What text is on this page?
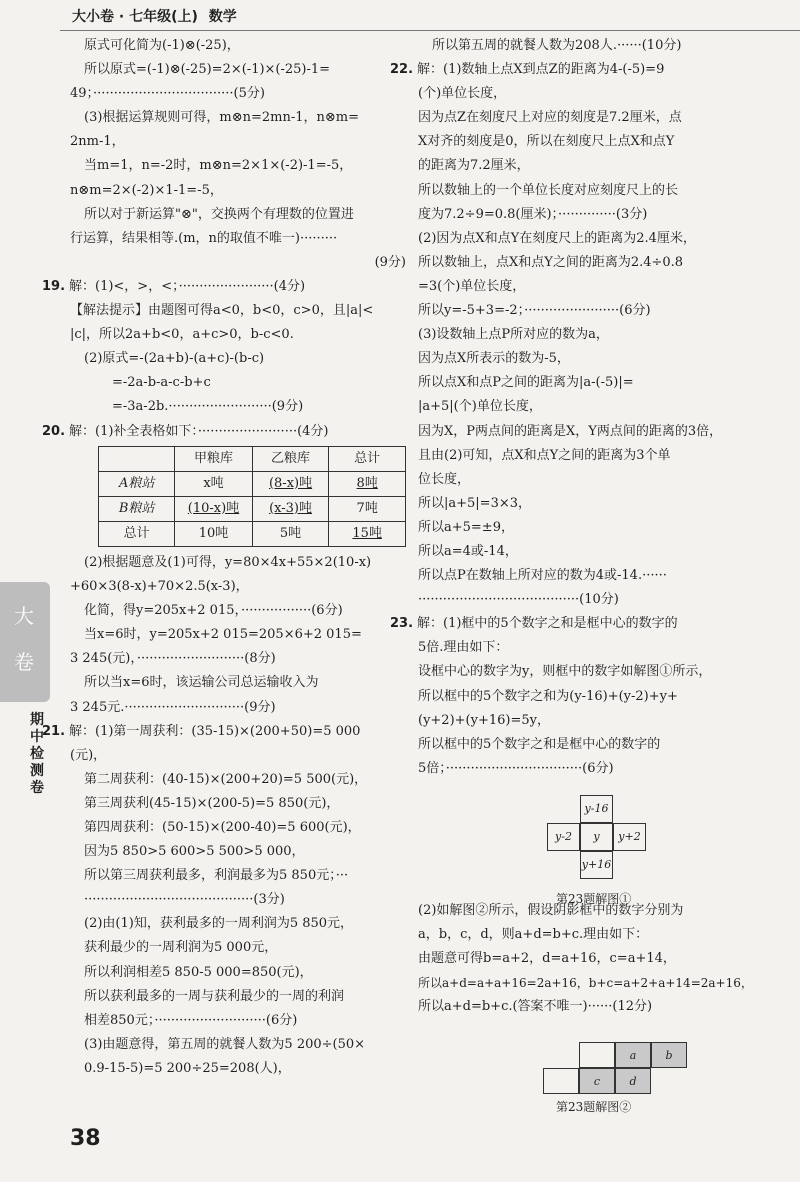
大小卷 · 七年级(上) 数学
原式可化简为(-1)⊗(-25)，
所以原式=(-1)⊗(-25)=2×(-1)×(-25)-1=
49；··································(5分)
(3)根据运算规则可得，m⊗n=2mn-1，n⊗m=
2nm-1，
当m=1，n=-2时，m⊗n=2×1×(-2)-1=-5，
n⊗m=2×(-2)×1-1=-5，
所以对于新运算"⊗"，交换两个有理数的位置进
行运算，结果相等.(m，n的取值不唯一)·········
(9分)
19. 解：(1)<，>，<；·······················(4分)
【解法提示】由题图可得a<0，b<0，c>0，且|a|<
|c|，所以2a+b<0，a+c>0，b-c<0.
(2)原式=-(2a+b)-(a+c)-(b-c)
=-2a-b-a-c-b+c
=-3a-2b.·························(9分)
20. 解：(1)补全表格如下：························(4分)
	甲粮库	乙粮库	总计
A粮站	x吨	(8-x)吨	8吨
B粮站	(10-x)吨	(x-3)吨	7吨
总计	10吨	5吨	15吨
(2)根据题意及(1)可得，y=80×4x+55×2(10-x)
+60×3(8-x)+70×2.5(x-3)，
化简，得y=205x+2 015，·················(6分)
当x=6时，y=205x+2 015=205×6+2 015=
3 245(元)，··························(8分)
所以当x=6时，该运输公司总运输收入为
3 245元.·····························(9分)
21. 解：(1)第一周获利：(35-15)×(200+50)=5 000
(元)，
第二周获利：(40-15)×(200+20)=5 500(元)，
第三周获利(45-15)×(200-5)=5 850(元)，
第四周获利：(50-15)×(200-40)=5 600(元)，
因为5 850>5 600>5 500>5 000，
所以第三周获利最多，利润最多为5 850元；···
·········································(3分)
(2)由(1)知，获利最多的一周利润为5 850元，
获利最少的一周利润为5 000元，
所以利润相差5 850-5 000=850(元)，
所以获利最多的一周与获利最少的一周的利润
相差850元；···························(6分)
(3)由题意得，第五周的就餐人数为5 200÷(50×
0.9-15-5)=5 200÷25=208(人)，
所以第五周的就餐人数为208人.······(10分)
22. 解：(1)数轴上点X到点Z的距离为4-(-5)=9
(个)单位长度，
因为点Z在刻度尺上对应的刻度是7.2厘米，点
X对齐的刻度是0，所以在刻度尺上点X和点Y
的距离为7.2厘米，
所以数轴上的一个单位长度对应刻度尺上的长
度为7.2÷9=0.8(厘米)；··············(3分)
(2)因为点X和点Y在刻度尺上的距离为2.4厘米，
所以数轴上，点X和点Y之间的距离为2.4÷0.8
=3(个)单位长度，
所以y=-5+3=-2；·······················(6分)
(3)设数轴上点P所对应的数为a，
因为点X所表示的数为-5，
所以点X和点P之间的距离为|a-(-5)|=
|a+5|(个)单位长度，
因为X，P两点间的距离是X，Y两点间的距离的3倍，
且由(2)可知，点X和点Y之间的距离为3个单
位长度，
所以|a+5|=3×3，
所以a+5=±9，
所以a=4或-14，
所以点P在数轴上所对应的数为4或-14.······
·······································(10分)
23. 解：(1)框中的5个数字之和是框中心的数字的
5倍.理由如下：
设框中心的数字为y，则框中的数字如解图①所示，
所以框中的5个数字之和为(y-16)+(y-2)+y+
(y+2)+(y+16)=5y，
所以框中的5个数字之和是框中心的数字的
5倍；·································(6分)
(2)如解图②所示，假设阴影框中的数字分别为
a，b，c，d，则a+d=b+c.理由如下：
由题意可得b=a+2，d=a+16，c=a+14，
所以a+d=a+a+16=2a+16，b+c=a+2+a+14=2a+16，
所以a+d=b+c.(答案不唯一)······(12分)
y-16
y-2	y	y+2
y+16
第23题解图①
a	b
c	d
第23题解图②
大
卷
期中检测卷
38
